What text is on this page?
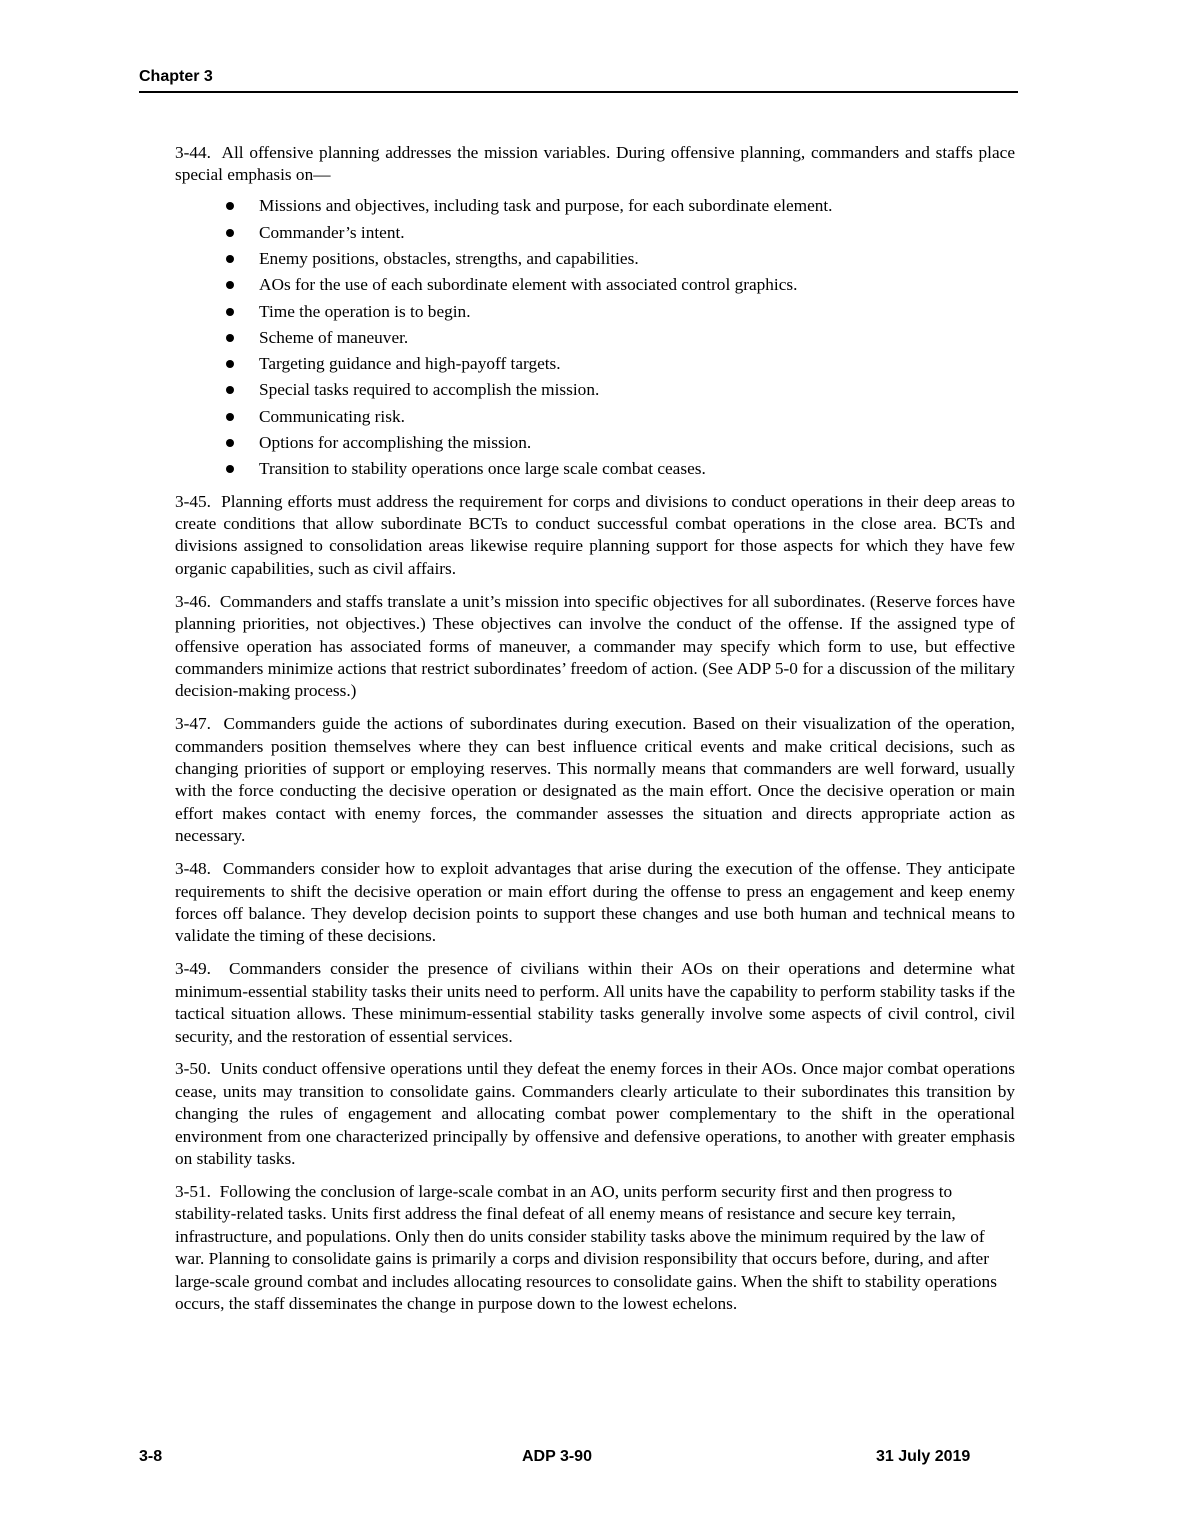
Chapter 3

3-44.  All offensive planning addresses the mission variables. During offensive planning, commanders and staffs place special emphasis on—

Missions and objectives, including task and purpose, for each subordinate element.
Commander’s intent.
Enemy positions, obstacles, strengths, and capabilities.
AOs for the use of each subordinate element with associated control graphics.
Time the operation is to begin.
Scheme of maneuver.
Targeting guidance and high-payoff targets.
Special tasks required to accomplish the mission.
Communicating risk.
Options for accomplishing the mission.
Transition to stability operations once large scale combat ceases.

3-45.  Planning efforts must address the requirement for corps and divisions to conduct operations in their deep areas to create conditions that allow subordinate BCTs to conduct successful combat operations in the close area. BCTs and divisions assigned to consolidation areas likewise require planning support for those aspects for which they have few organic capabilities, such as civil affairs.

3-46.  Commanders and staffs translate a unit’s mission into specific objectives for all subordinates. (Reserve forces have planning priorities, not objectives.) These objectives can involve the conduct of the offense. If the assigned type of offensive operation has associated forms of maneuver, a commander may specify which form to use, but effective commanders minimize actions that restrict subordinates’ freedom of action. (See ADP 5-0 for a discussion of the military decision-making process.)

3-47.  Commanders guide the actions of subordinates during execution. Based on their visualization of the operation, commanders position themselves where they can best influence critical events and make critical decisions, such as changing priorities of support or employing reserves. This normally means that commanders are well forward, usually with the force conducting the decisive operation or designated as the main effort. Once the decisive operation or main effort makes contact with enemy forces, the commander assesses the situation and directs appropriate action as necessary.

3-48.  Commanders consider how to exploit advantages that arise during the execution of the offense. They anticipate requirements to shift the decisive operation or main effort during the offense to press an engagement and keep enemy forces off balance. They develop decision points to support these changes and use both human and technical means to validate the timing of these decisions.

3-49.  Commanders consider the presence of civilians within their AOs on their operations and determine what minimum-essential stability tasks their units need to perform. All units have the capability to perform stability tasks if the tactical situation allows. These minimum-essential stability tasks generally involve some aspects of civil control, civil security, and the restoration of essential services.

3-50.  Units conduct offensive operations until they defeat the enemy forces in their AOs. Once major combat operations cease, units may transition to consolidate gains. Commanders clearly articulate to their subordinates this transition by changing the rules of engagement and allocating combat power complementary to the shift in the operational environment from one characterized principally by offensive and defensive operations, to another with greater emphasis on stability tasks.

3-51.  Following the conclusion of large-scale combat in an AO, units perform security first and then progress to stability-related tasks. Units first address the final defeat of all enemy means of resistance and secure key terrain, infrastructure, and populations. Only then do units consider stability tasks above the minimum required by the law of war. Planning to consolidate gains is primarily a corps and division responsibility that occurs before, during, and after large-scale ground combat and includes allocating resources to consolidate gains. When the shift to stability operations occurs, the staff disseminates the change in purpose down to the lowest echelons.

3-8	ADP 3-90	31 July 2019
